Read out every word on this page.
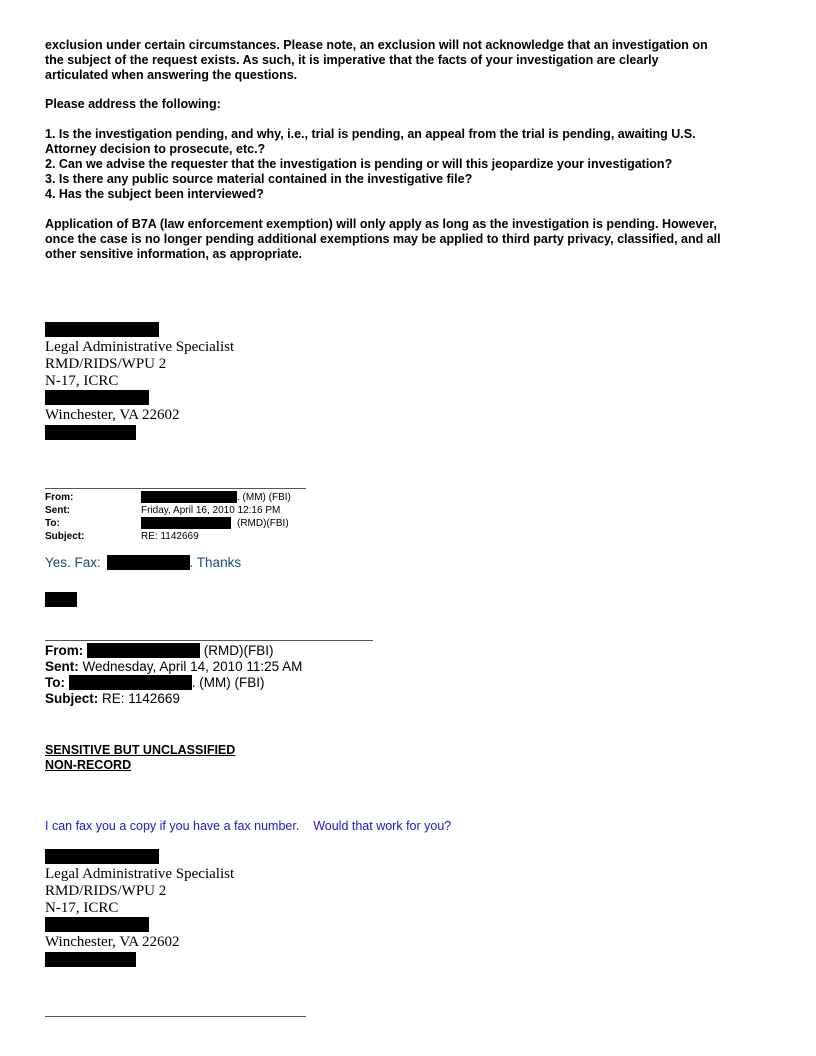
exclusion under certain circumstances. Please note, an exclusion will not acknowledge that an investigation on
the subject of the request exists. As such, it is imperative that the facts of your investigation are clearly
articulated when answering the questions.
Please address the following:
1. Is the investigation pending, and why, i.e., trial is pending, an appeal from the trial is pending, awaiting U.S.
Attorney decision to prosecute, etc.?
2. Can we advise the requester that the investigation is pending or will this jeopardize your investigation?
3. Is there any public source material contained in the investigative file?
4. Has the subject been interviewed?
Application of B7A (law enforcement exemption) will only apply as long as the investigation is pending. However,
once the case is no longer pending additional exemptions may be applied to third party privacy, classified, and all
other sensitive information, as appropriate.
Legal Administrative Specialist
RMD/RIDS/WPU 2
N-17, ICRC
Winchester, VA 22602
From:	. (MM) (FBI)
Sent:	Friday, April 16, 2010 12:16 PM
To:	(RMD)(FBI)
Subject:	RE: 1142669
Yes. Fax:	. Thanks
From:	(RMD)(FBI)
Sent: Wednesday, April 14, 2010 11:25 AM
To:	. (MM) (FBI)
Subject: RE: 1142669
SENSITIVE BUT UNCLASSIFIED
NON-RECORD
I can fax you a copy if you have a fax number.    Would that work for you?
Legal Administrative Specialist
RMD/RIDS/WPU 2
N-17, ICRC
Winchester, VA 22602
